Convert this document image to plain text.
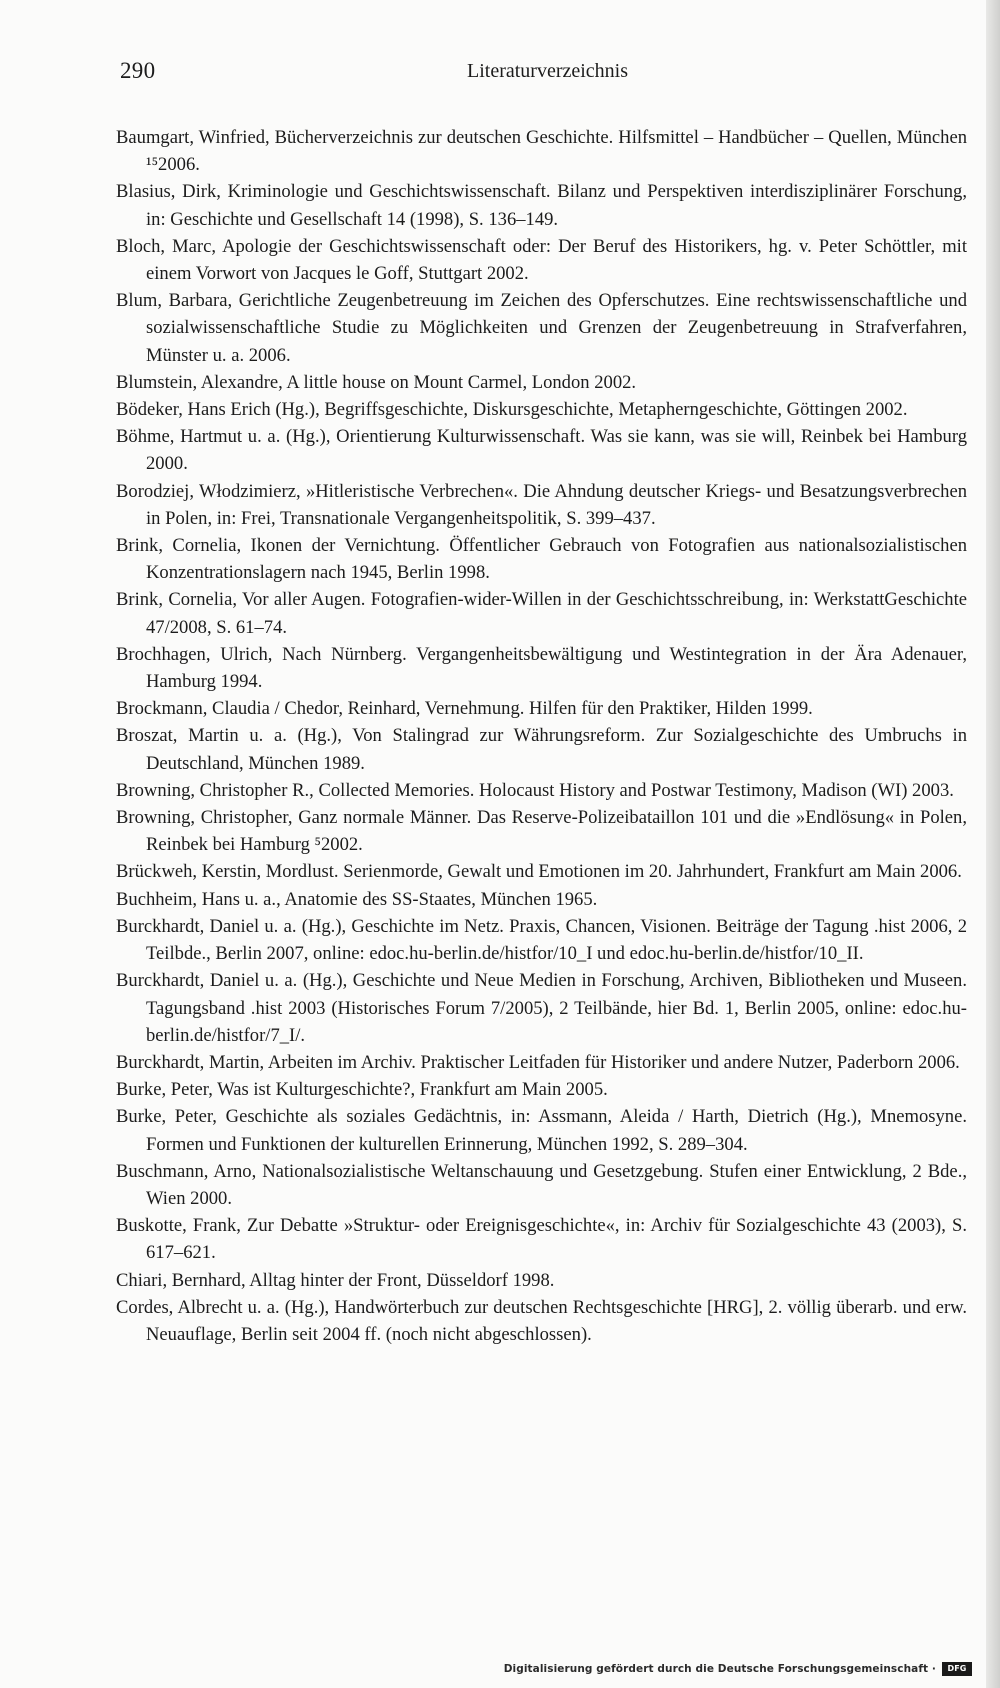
290	Literaturverzeichnis

Baumgart, Winfried, Bücherverzeichnis zur deutschen Geschichte. Hilfsmittel – Handbücher – Quellen, München ¹⁵2006.

Blasius, Dirk, Kriminologie und Geschichtswissenschaft. Bilanz und Perspektiven interdisziplinärer Forschung, in: Geschichte und Gesellschaft 14 (1998), S. 136–149.

Bloch, Marc, Apologie der Geschichtswissenschaft oder: Der Beruf des Historikers, hg. v. Peter Schöttler, mit einem Vorwort von Jacques le Goff, Stuttgart 2002.

Blum, Barbara, Gerichtliche Zeugenbetreuung im Zeichen des Opferschutzes. Eine rechtswissenschaftliche und sozialwissenschaftliche Studie zu Möglichkeiten und Grenzen der Zeugenbetreuung in Strafverfahren, Münster u. a. 2006.

Blumstein, Alexandre, A little house on Mount Carmel, London 2002.

Bödeker, Hans Erich (Hg.), Begriffsgeschichte, Diskursgeschichte, Metapherngeschichte, Göttingen 2002.

Böhme, Hartmut u. a. (Hg.), Orientierung Kulturwissenschaft. Was sie kann, was sie will, Reinbek bei Hamburg 2000.

Borodziej, Włodzimierz, »Hitleristische Verbrechen«. Die Ahndung deutscher Kriegs- und Besatzungsverbrechen in Polen, in: Frei, Transnationale Vergangenheitspolitik, S. 399–437.

Brink, Cornelia, Ikonen der Vernichtung. Öffentlicher Gebrauch von Fotografien aus nationalsozialistischen Konzentrationslagern nach 1945, Berlin 1998.

Brink, Cornelia, Vor aller Augen. Fotografien-wider-Willen in der Geschichtsschreibung, in: WerkstattGeschichte 47/2008, S. 61–74.

Brochhagen, Ulrich, Nach Nürnberg. Vergangenheitsbewältigung und Westintegration in der Ära Adenauer, Hamburg 1994.

Brockmann, Claudia / Chedor, Reinhard, Vernehmung. Hilfen für den Praktiker, Hilden 1999.

Broszat, Martin u. a. (Hg.), Von Stalingrad zur Währungsreform. Zur Sozialgeschichte des Umbruchs in Deutschland, München 1989.

Browning, Christopher R., Collected Memories. Holocaust History and Postwar Testimony, Madison (WI) 2003.

Browning, Christopher, Ganz normale Männer. Das Reserve-Polizeibataillon 101 und die »Endlösung« in Polen, Reinbek bei Hamburg ⁵2002.

Brückweh, Kerstin, Mordlust. Serienmorde, Gewalt und Emotionen im 20. Jahrhundert, Frankfurt am Main 2006.

Buchheim, Hans u. a., Anatomie des SS-Staates, München 1965.

Burckhardt, Daniel u. a. (Hg.), Geschichte im Netz. Praxis, Chancen, Visionen. Beiträge der Tagung .hist 2006, 2 Teilbde., Berlin 2007, online: edoc.hu-berlin.de/histfor/10_I und edoc.hu-berlin.de/histfor/10_II.

Burckhardt, Daniel u. a. (Hg.), Geschichte und Neue Medien in Forschung, Archiven, Bibliotheken und Museen. Tagungsband .hist 2003 (Historisches Forum 7/2005), 2 Teilbände, hier Bd. 1, Berlin 2005, online: edoc.hu-berlin.de/histfor/7_I/.

Burckhardt, Martin, Arbeiten im Archiv. Praktischer Leitfaden für Historiker und andere Nutzer, Paderborn 2006.

Burke, Peter, Was ist Kulturgeschichte?, Frankfurt am Main 2005.

Burke, Peter, Geschichte als soziales Gedächtnis, in: Assmann, Aleida / Harth, Dietrich (Hg.), Mnemosyne. Formen und Funktionen der kulturellen Erinnerung, München 1992, S. 289–304.

Buschmann, Arno, Nationalsozialistische Weltanschauung und Gesetzgebung. Stufen einer Entwicklung, 2 Bde., Wien 2000.

Buskotte, Frank, Zur Debatte »Struktur- oder Ereignisgeschichte«, in: Archiv für Sozialgeschichte 43 (2003), S. 617–621.

Chiari, Bernhard, Alltag hinter der Front, Düsseldorf 1998.

Cordes, Albrecht u. a. (Hg.), Handwörterbuch zur deutschen Rechtsgeschichte [HRG], 2. völlig überarb. und erw. Neuauflage, Berlin seit 2004 ff. (noch nicht abgeschlossen).

Digitalisierung gefördert durch die Deutsche Forschungsgemeinschaft ·	DFG
